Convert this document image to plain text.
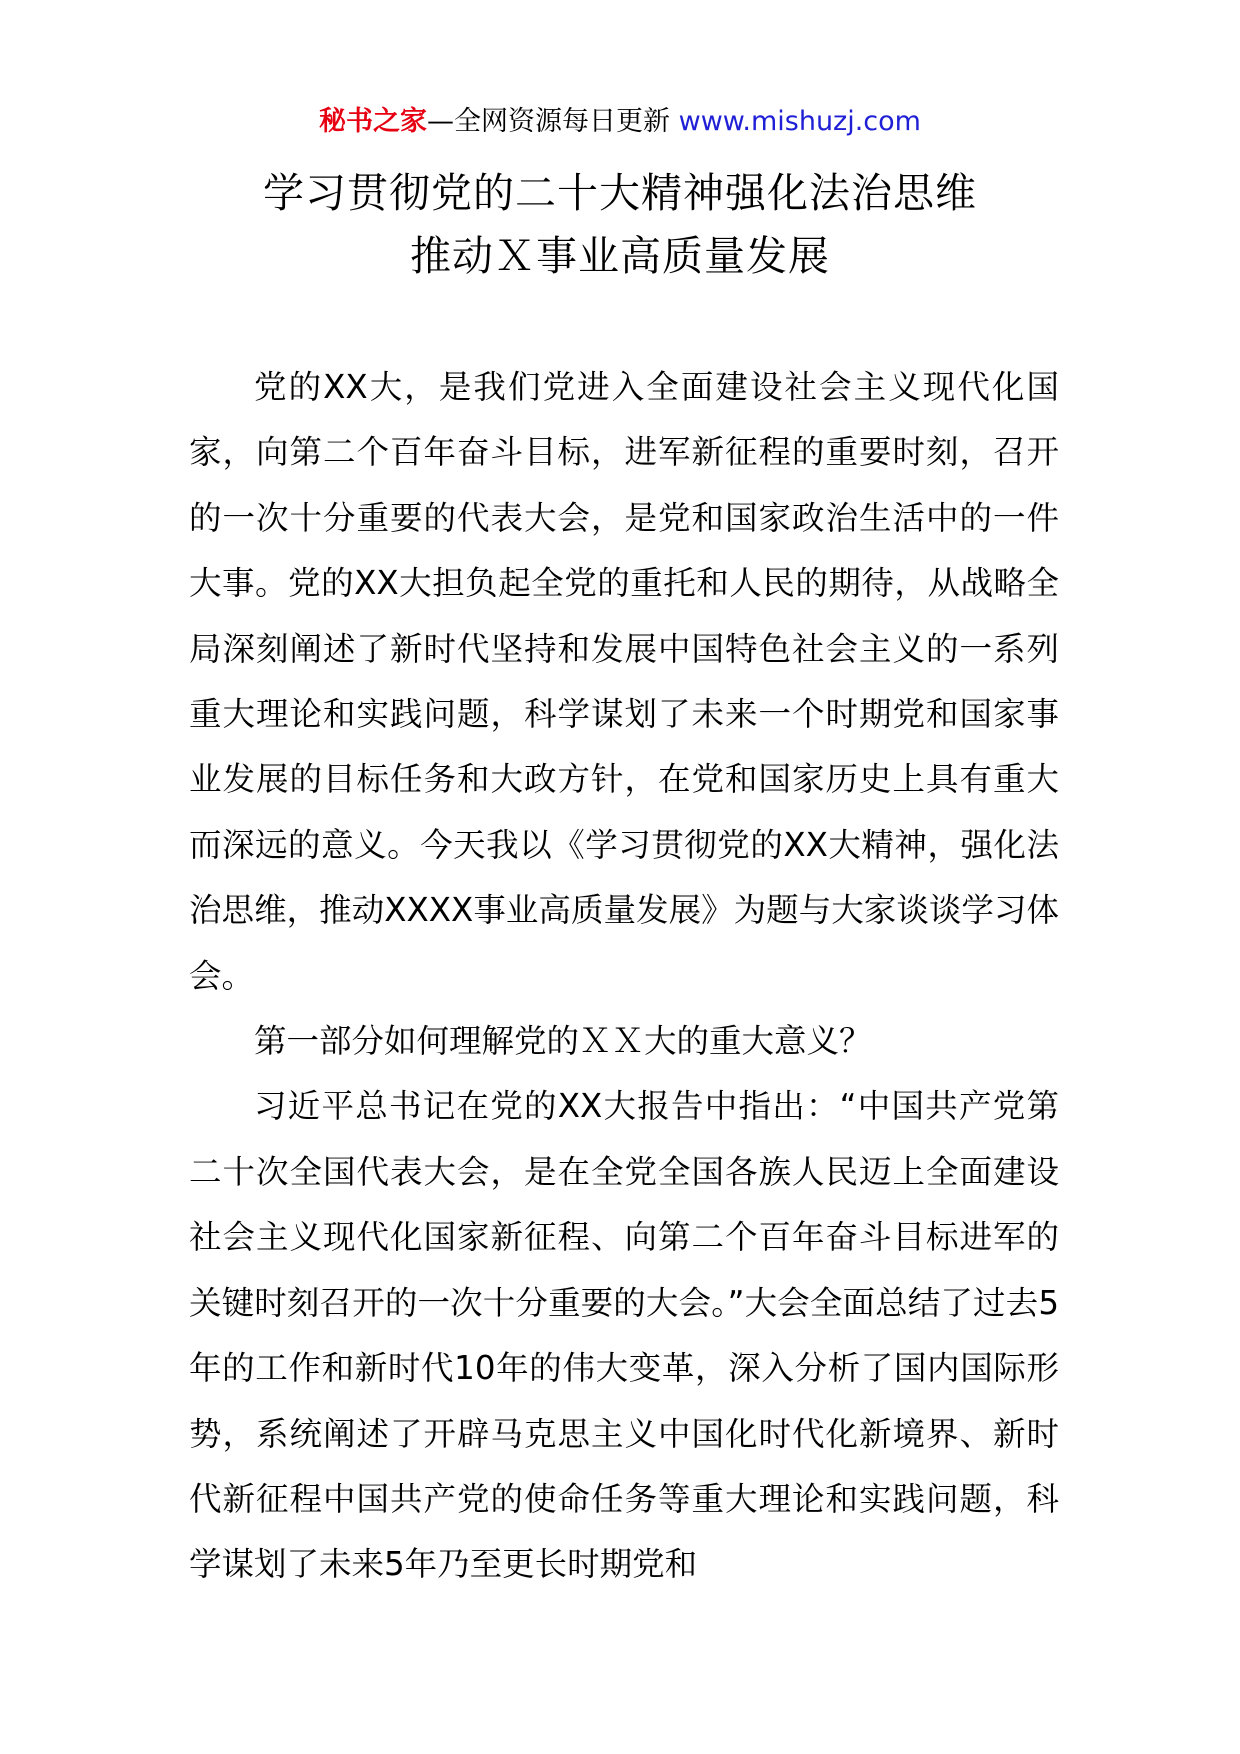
秘书之家—全网资源每日更新 www.mishuzj.com
学习贯彻党的二十大精神强化法治思维
推动Ｘ事业高质量发展

党的XX大，是我们党进入全面建设社会主义现代化国家，向第二个百年奋斗目标，进军新征程的重要时刻，召开的一次十分重要的代表大会，是党和国家政治生活中的一件大事。党的XX大担负起全党的重托和人民的期待，从战略全局深刻阐述了新时代坚持和发展中国特色社会主义的一系列重大理论和实践问题，科学谋划了未来一个时期党和国家事业发展的目标任务和大政方针，在党和国家历史上具有重大而深远的意义。今天我以《学习贯彻党的XX大精神，强化法治思维，推动XXXX事业高质量发展》为题与大家谈谈学习体会。

第一部分如何理解党的ＸＸ大的重大意义？

习近平总书记在党的XX大报告中指出：“中国共产党第二十次全国代表大会，是在全党全国各族人民迈上全面建设社会主义现代化国家新征程、向第二个百年奋斗目标进军的关键时刻召开的一次十分重要的大会。”大会全面总结了过去5年的工作和新时代10年的伟大变革，深入分析了国内国际形势，系统阐述了开辟马克思主义中国化时代化新境界、新时代新征程中国共产党的使命任务等重大理论和实践问题，科学谋划了未来5年乃至更长时期党和
